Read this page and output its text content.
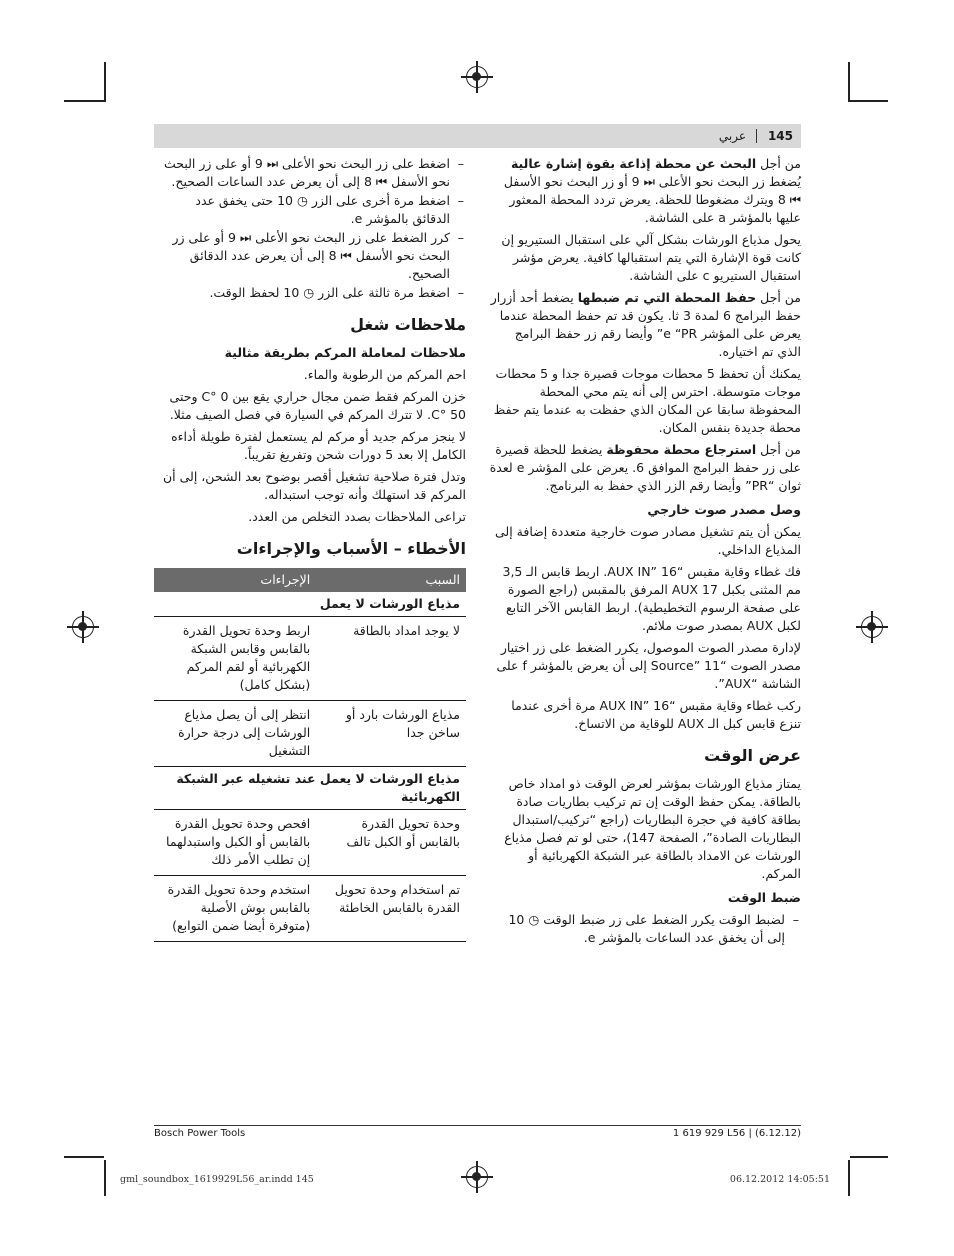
145
عربي

من أجل البحث عن محطة إذاعة بقوة إشارة عالية يُضغط زر البحث نحو الأعلى ⏭ 9 أو زر البحث نحو الأسفل ⏮ 8 ويترك مضغوطا للحظة. يعرض تردد المحطة المعثور عليها بالمؤشر a على الشاشة.

يحول مذياع الورشات بشكل آلي على استقبال الستيريو إن كانت قوة الإشارة التي يتم استقبالها كافية. يعرض مؤشر استقبال الستيريو c على الشاشة.

من أجل حفظ المحطة التي تم ضبطها يضغط أحد أزرار حفظ البرامج 6 لمدة 3 ثا. يكون قد تم حفظ المحطة عندما يعرض على المؤشر e “PR” وأيضا رقم زر حفظ البرامج الذي تم اختياره.

يمكنك أن تحفظ 5 محطات موجات قصيرة جدا و 5 محطات موجات متوسطة. احترس إلى أنه يتم محي المحطة المحفوظة سابقا عن المكان الذي حفظت به عندما يتم حفظ محطة جديدة بنفس المكان.

من أجل استرجاع محطة محفوظة يضغط للحظة قصيرة على زر حفظ البرامج الموافق 6. يعرض على المؤشر e لعدة ثوان “PR” وأيضا رقم الزر الذي حفظ به البرنامج.

وصل مصدر صوت خارجي

يمكن أن يتم تشغيل مصادر صوت خارجية متعددة إضافة إلى المذياع الداخلي.

فك غطاء وقاية مقبس “AUX IN” 16. اربط قابس الـ 3,5 مم المثنى بكبل AUX 17 المرفق بالمقبس (راجع الصورة على صفحة الرسوم التخطيطية). اربط القابس الآخر التابع لكبل AUX بمصدر صوت ملائم.

لإدارة مصدر الصوت الموصول، يكرر الضغط على زر اختيار مصدر الصوت “Source” 11 إلى أن يعرض بالمؤشر f على الشاشة “AUX”.

ركب غطاء وقاية مقبس “AUX IN” 16 مرة أخرى عندما تنزع قابس كبل الـ AUX للوقاية من الاتساخ.

عرض الوقت

يمتاز مذياع الورشات بمؤشر لعرض الوقت ذو امداد خاص بالطاقة. يمكن حفظ الوقت إن تم تركيب بطاريات صادة بطاقة كافية في حجرة البطاريات (راجع “تركيب/استبدال البطاريات الصادة”، الصفحة 147)، حتى لو تم فصل مذياع الورشات عن الامداد بالطاقة عبر الشبكة الكهربائية أو المركم.

ضبط الوقت
– لضبط الوقت يكرر الضغط على زر ضبط الوقت ◷ 10 إلى أن يخفق عدد الساعات بالمؤشر e.
– اضغط على زر البحث نحو الأعلى ⏭ 9 أو على زر البحث نحو الأسفل ⏮ 8 إلى أن يعرض عدد الساعات الصحيح.
– اضغط مرة أخرى على الزر ◷ 10 حتى يخفق عدد الدقائق بالمؤشر e.
– كرر الضغط على زر البحث نحو الأعلى ⏭ 9 أو على زر البحث نحو الأسفل ⏮ 8 إلى أن يعرض عدد الدقائق الصحيح.
– اضغط مرة ثالثة على الزر ◷ 10 لحفظ الوقت.
ملاحظات شغل
ملاحظات لمعاملة المركم بطريقة مثالية

احم المركم من الرطوبة والماء.

خزن المركم فقط ضمن مجال حراري يقع بين 0 °C وحتى 50 °C. لا تترك المركم في السيارة في فصل الصيف مثلا.

لا ينجز مركم جديد أو مركم لم يستعمل لفترة طويلة أداءه الكامل إلا بعد 5 دورات شحن وتفريغ تقريباً.

وتدل فترة صلاحية تشغيل أقصر بوضوح بعد الشحن، إلى أن المركم قد استهلك وأنه توجب استبداله.

تراعى الملاحظات بصدد التخلص من العدد.

الأخطاء – الأسباب والإجراءات
السبب	الإجراءات
مذياع الورشات لا يعمل	
لا يوجد امداد بالطاقة	اربط وحدة تحويل القدرة بالقابس وقابس الشبكة الكهربائية أو لقم المركم (بشكل كامل)
مذياع الورشات بارد أو ساخن جدا	انتظر إلى أن يصل مذياع الورشات إلى درجة حرارة التشغيل
مذياع الورشات لا يعمل عند تشغيله عبر الشبكة الكهربائية	
وحدة تحويل القدرة بالقابس أو الكبل تالف	افحص وحدة تحويل القدرة بالقابس أو الكبل واستبدلهما إن تطلب الأمر ذلك
تم استخدام وحدة تحويل القدرة بالقابس الخاطئة	استخدم وحدة تحويل القدرة بالقابس بوش الأصلية (متوفرة أيضا ضمن التوابع)
Bosch Power Tools	1 619 929 L56 | (6.12.12)
gml_soundbox_1619929L56_ar.indd 145	06.12.2012 14:05:51
